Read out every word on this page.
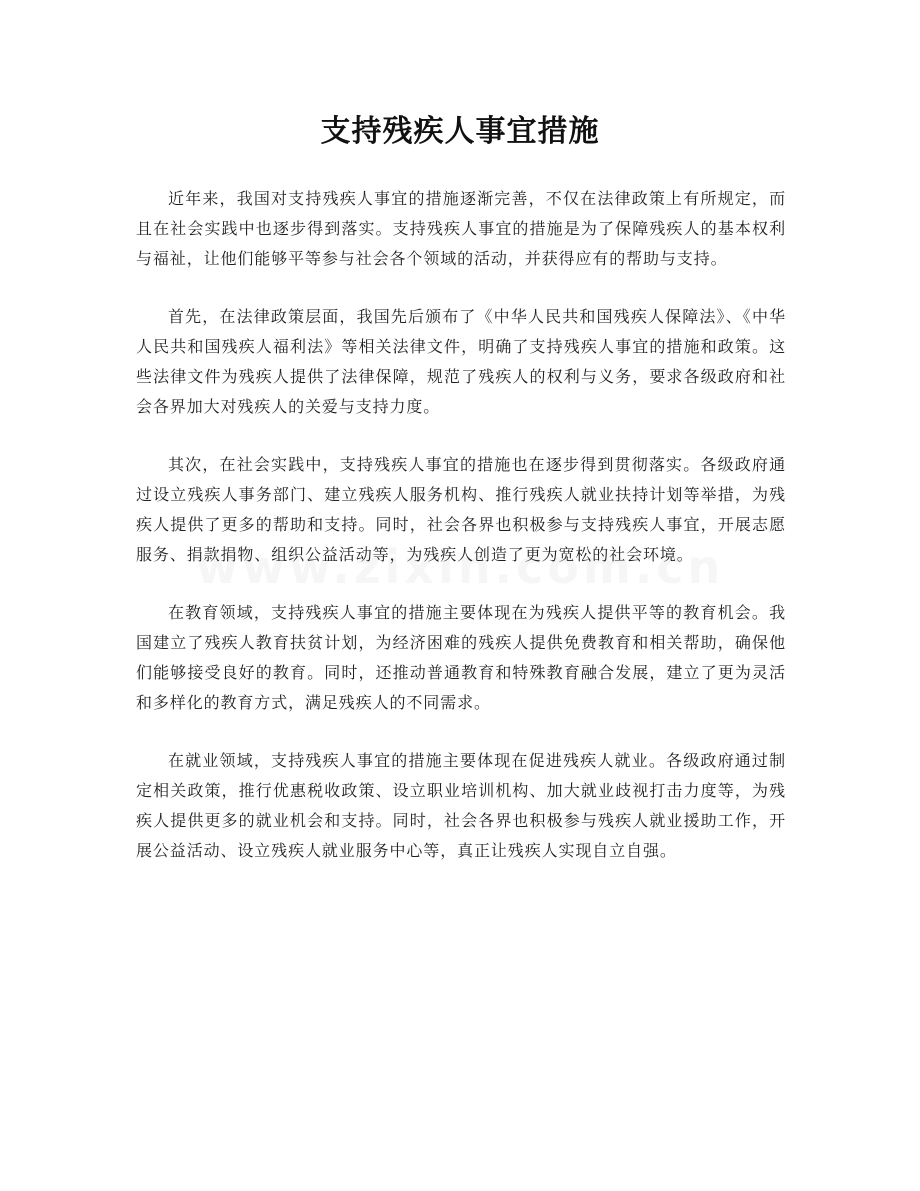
支持残疾人事宜措施

近年来，我国对支持残疾人事宜的措施逐渐完善，不仅在法律政策上有所规定，而且在社会实践中也逐步得到落实。支持残疾人事宜的措施是为了保障残疾人的基本权利与福祉，让他们能够平等参与社会各个领域的活动，并获得应有的帮助与支持。

首先，在法律政策层面，我国先后颁布了《中华人民共和国残疾人保障法》、《中华人民共和国残疾人福利法》等相关法律文件，明确了支持残疾人事宜的措施和政策。这些法律文件为残疾人提供了法律保障，规范了残疾人的权利与义务，要求各级政府和社会各界加大对残疾人的关爱与支持力度。

其次，在社会实践中，支持残疾人事宜的措施也在逐步得到贯彻落实。各级政府通过设立残疾人事务部门、建立残疾人服务机构、推行残疾人就业扶持计划等举措，为残疾人提供了更多的帮助和支持。同时，社会各界也积极参与支持残疾人事宜，开展志愿服务、捐款捐物、组织公益活动等，为残疾人创造了更为宽松的社会环境。

在教育领域，支持残疾人事宜的措施主要体现在为残疾人提供平等的教育机会。我国建立了残疾人教育扶贫计划，为经济困难的残疾人提供免费教育和相关帮助，确保他们能够接受良好的教育。同时，还推动普通教育和特殊教育融合发展，建立了更为灵活和多样化的教育方式，满足残疾人的不同需求。

在就业领域，支持残疾人事宜的措施主要体现在促进残疾人就业。各级政府通过制定相关政策，推行优惠税收政策、设立职业培训机构、加大就业歧视打击力度等，为残疾人提供更多的就业机会和支持。同时，社会各界也积极参与残疾人就业援助工作，开展公益活动、设立残疾人就业服务中心等，真正让残疾人实现自立自强。
